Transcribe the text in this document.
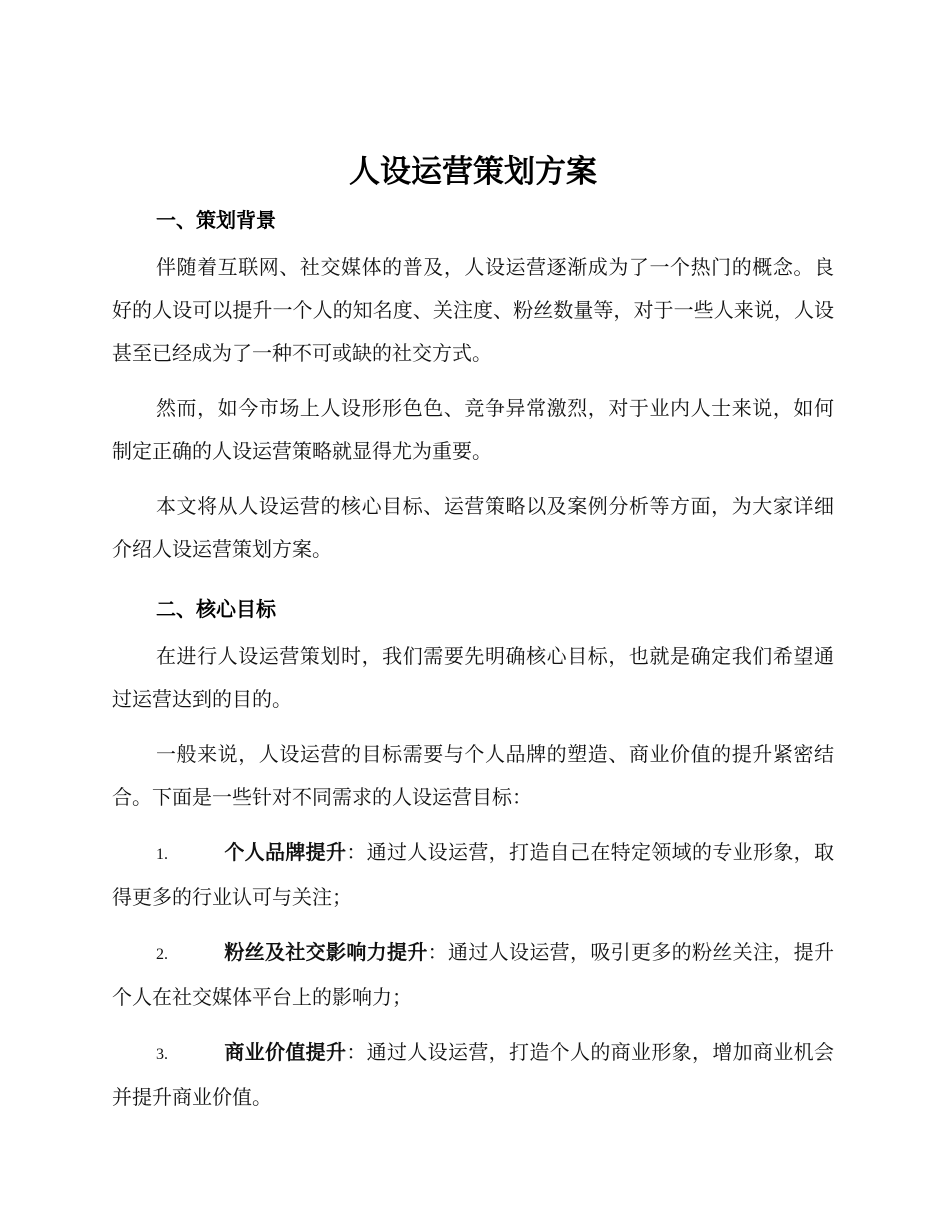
人设运营策划方案
一、策划背景

伴随着互联网、社交媒体的普及，人设运营逐渐成为了一个热门的概念。良好的人设可以提升一个人的知名度、关注度、粉丝数量等，对于一些人来说，人设甚至已经成为了一种不可或缺的社交方式。

然而，如今市场上人设形形色色、竞争异常激烈，对于业内人士来说，如何制定正确的人设运营策略就显得尤为重要。

本文将从人设运营的核心目标、运营策略以及案例分析等方面，为大家详细介绍人设运营策划方案。

二、核心目标

在进行人设运营策划时，我们需要先明确核心目标，也就是确定我们希望通过运营达到的目的。

一般来说，人设运营的目标需要与个人品牌的塑造、商业价值的提升紧密结合。下面是一些针对不同需求的人设运营目标：

1.	个人品牌提升：通过人设运营，打造自己在特定领域的专业形象，取得更多的行业认可与关注；

2.	粉丝及社交影响力提升：通过人设运营，吸引更多的粉丝关注，提升个人在社交媒体平台上的影响力；

3.	商业价值提升：通过人设运营，打造个人的商业形象，增加商业机会并提升商业价值。
